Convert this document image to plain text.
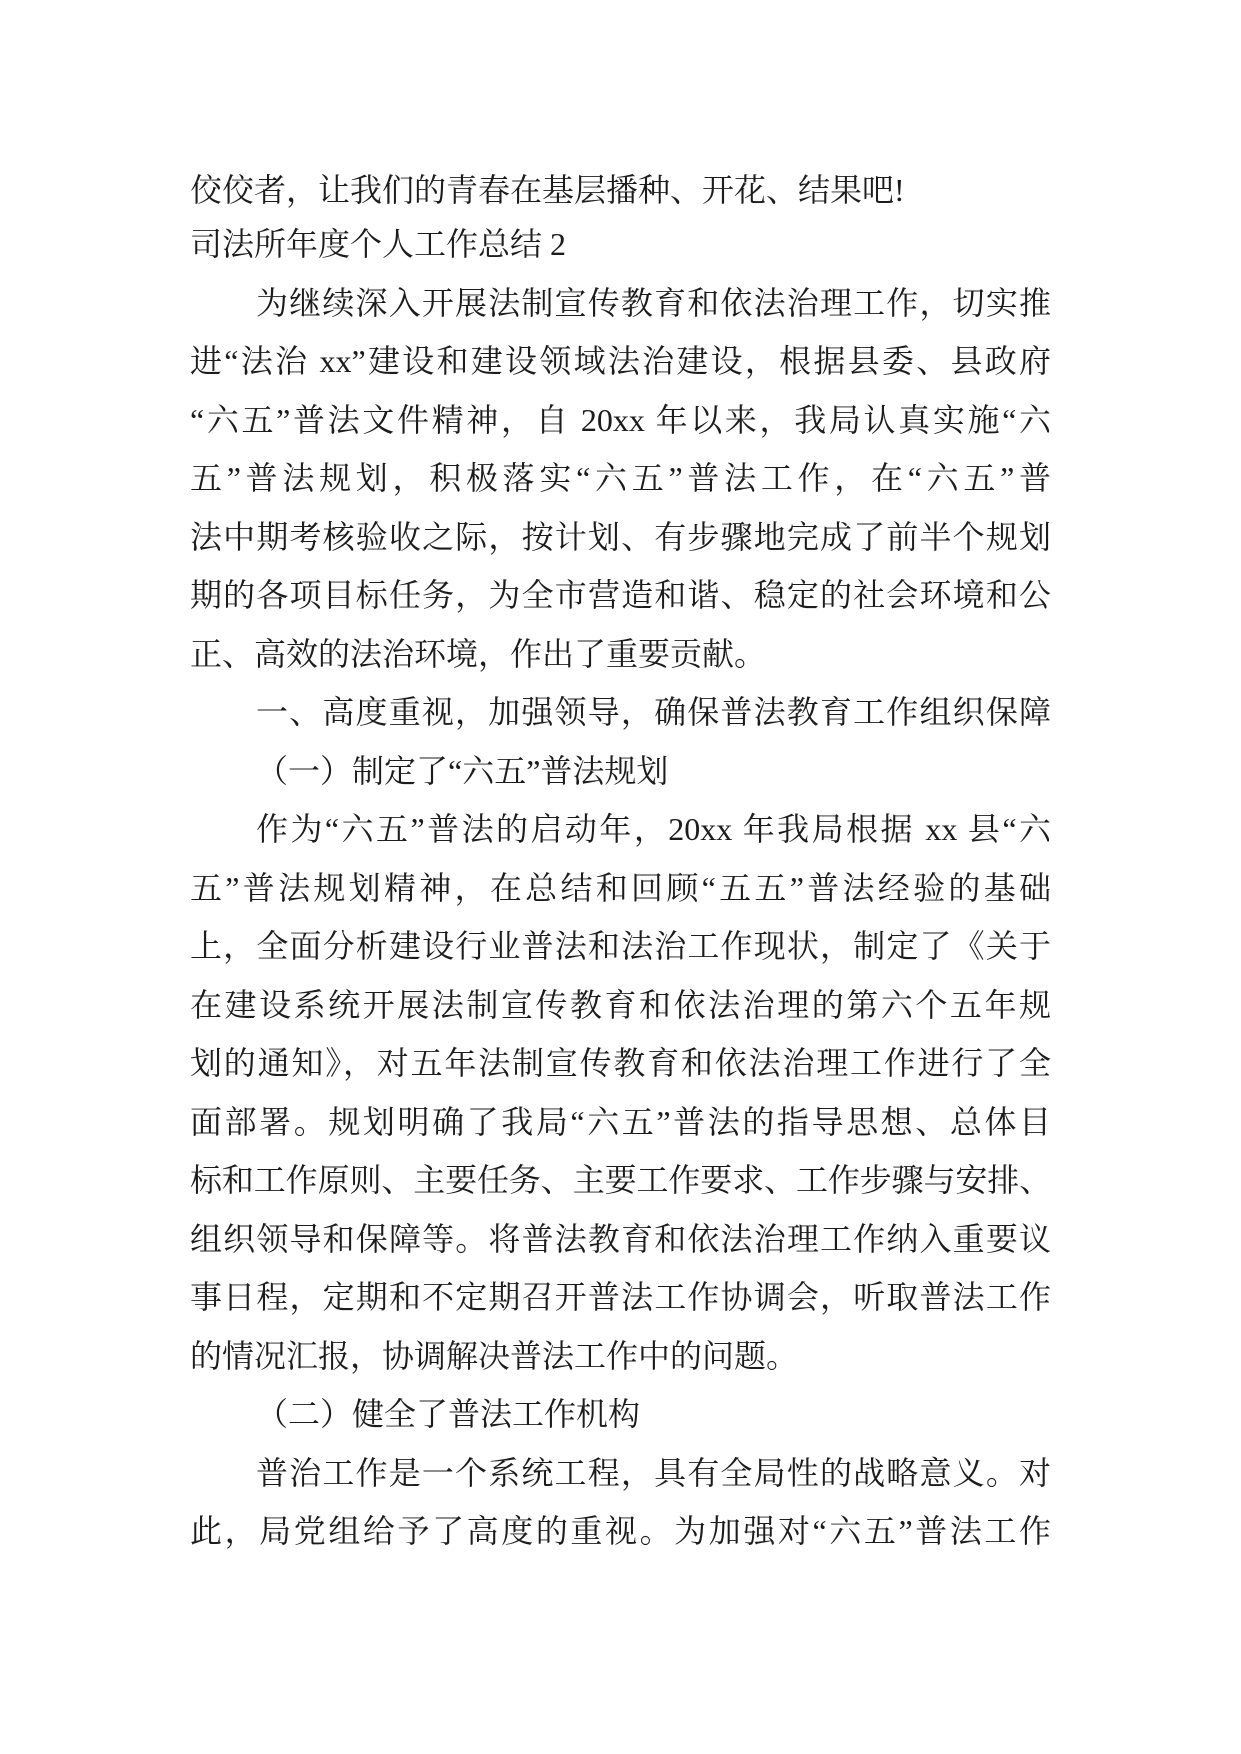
佼佼者，让我们的青春在基层播种、开花、结果吧!
司法所年度个人工作总结 2
为继续深入开展法制宣传教育和依法治理工作，切实推
进“法治 xx”建设和建设领域法治建设，根据县委、县政府
“六五”普法文件精神，自 20xx 年以来，我局认真实施“六
五”普法规划，积极落实“六五”普法工作，在“六五”普
法中期考核验收之际，按计划、有步骤地完成了前半个规划
期的各项目标任务，为全市营造和谐、稳定的社会环境和公
正、高效的法治环境，作出了重要贡献。
一、高度重视，加强领导，确保普法教育工作组织保障
（一）制定了“六五”普法规划
作为“六五”普法的启动年，20xx 年我局根据 xx 县“六
五”普法规划精神，在总结和回顾“五五”普法经验的基础
上，全面分析建设行业普法和法治工作现状，制定了《关于
在建设系统开展法制宣传教育和依法治理的第六个五年规
划的通知》，对五年法制宣传教育和依法治理工作进行了全
面部署。规划明确了我局“六五”普法的指导思想、总体目
标和工作原则、主要任务、主要工作要求、工作步骤与安排、
组织领导和保障等。将普法教育和依法治理工作纳入重要议
事日程，定期和不定期召开普法工作协调会，听取普法工作
的情况汇报，协调解决普法工作中的问题。
（二）健全了普法工作机构
普治工作是一个系统工程，具有全局性的战略意义。对
此，局党组给予了高度的重视。为加强对“六五”普法工作
